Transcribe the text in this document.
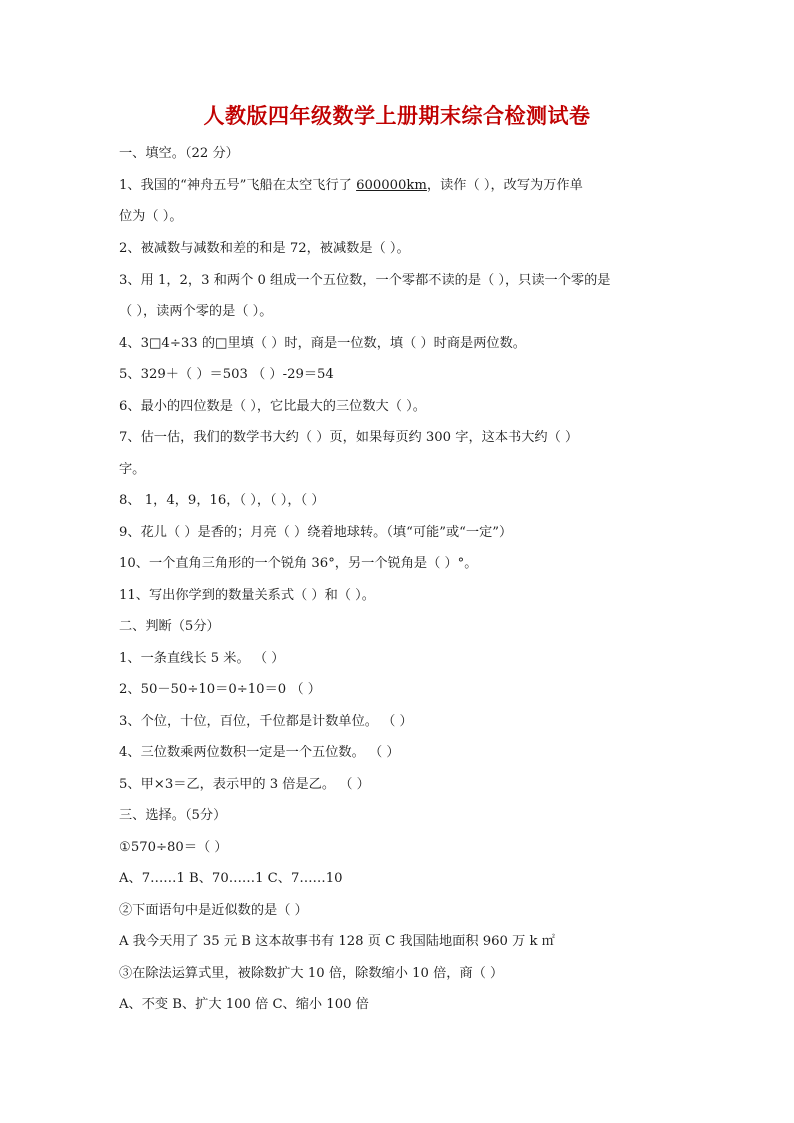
人教版四年级数学上册期末综合检测试卷
一、填空。（22 分）
1、我国的“神舟五号”飞船在太空飞行了 600000km，读作（ ），改写为万作单
位为（ ）。
2、被减数与减数和差的和是 72，被减数是（ ）。
3、用 1，2，3 和两个 0 组成一个五位数，一个零都不读的是（ ），只读一个零的是
（ ），读两个零的是（ ）。
4、3□4÷33 的□里填（ ）时，商是一位数，填（ ）时商是两位数。
5、329＋（ ）＝503 （ ）-29＝54
6、最小的四位数是（ ），它比最大的三位数大（ ）。
7、估一估，我们的数学书大约（ ）页，如果每页约 300 字，这本书大约（ ）
字。
8、 1，4，9，16，（ ），（ ），（ ）
9、花儿（ ）是香的；月亮（ ）绕着地球转。（填“可能”或“一定”）
10、一个直角三角形的一个锐角 36°，另一个锐角是（ ）°。
11、写出你学到的数量关系式（ ）和（ ）。
二、判断（5分）
1、一条直线长 5 米。 （ ）
2、50－50÷10＝0÷10＝0 （ ）
3、个位，十位，百位，千位都是计数单位。 （ ）
4、三位数乘两位数积一定是一个五位数。 （ ）
5、甲×3＝乙，表示甲的 3 倍是乙。 （ ）
三、选择。（5分）
①570÷80＝（ ）
A、7……1 B、70……1 C、7……10
②下面语句中是近似数的是（ ）
A 我今天用了 35 元 B 这本故事书有 128 页 C 我国陆地面积 960 万 k ㎡
③在除法运算式里，被除数扩大 10 倍，除数缩小 10 倍，商（ ）
A、不变 B、扩大 100 倍 C、缩小 100 倍
